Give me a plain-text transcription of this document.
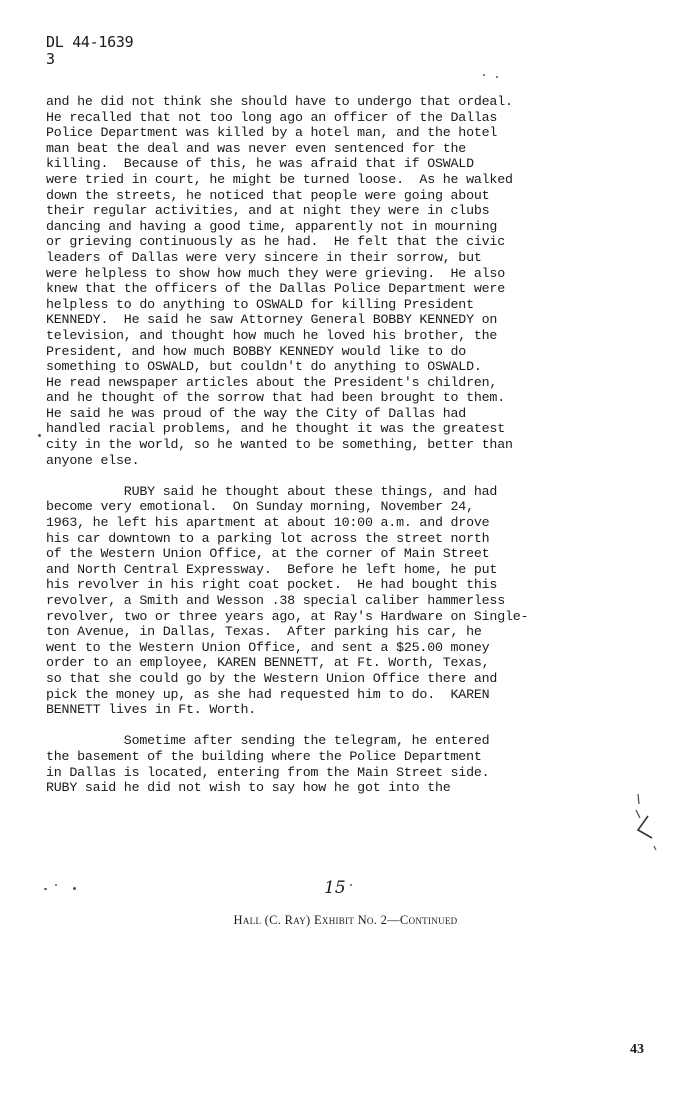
DL 44-1639

3

and he did not think she should have to undergo that ordeal.
He recalled that not too long ago an officer of the Dallas
Police Department was killed by a hotel man, and the hotel
man beat the deal and was never even sentenced for the
killing.  Because of this, he was afraid that if OSWALD
were tried in court, he might be turned loose.  As he walked
down the streets, he noticed that people were going about
their regular activities, and at night they were in clubs
dancing and having a good time, apparently not in mourning
or grieving continuously as he had.  He felt that the civic
leaders of Dallas were very sincere in their sorrow, but
were helpless to show how much they were grieving.  He also
knew that the officers of the Dallas Police Department were
helpless to do anything to OSWALD for killing President
KENNEDY.  He said he saw Attorney General BOBBY KENNEDY on
television, and thought how much he loved his brother, the
President, and how much BOBBY KENNEDY would like to do
something to OSWALD, but couldn't do anything to OSWALD.
He read newspaper articles about the President's children,
and he thought of the sorrow that had been brought to them.
He said he was proud of the way the City of Dallas had
handled racial problems, and he thought it was the greatest
city in the world, so he wanted to be something, better than
anyone else.

RUBY said he thought about these things, and had
become very emotional.  On Sunday morning, November 24,
1963, he left his apartment at about 10:00 a.m. and drove
his car downtown to a parking lot across the street north
of the Western Union Office, at the corner of Main Street
and North Central Expressway.  Before he left home, he put
his revolver in his right coat pocket.  He had bought this
revolver, a Smith and Wesson .38 special caliber hammerless
revolver, two or three years ago, at Ray's Hardware on Single-
ton Avenue, in Dallas, Texas.  After parking his car, he
went to the Western Union Office, and sent a $25.00 money
order to an employee, KAREN BENNETT, at Ft. Worth, Texas,
so that she could go by the Western Union Office there and
pick the money up, as she had requested him to do.  KAREN
BENNETT lives in Ft. Worth.

Sometime after sending the telegram, he entered
the basement of the building where the Police Department
in Dallas is located, entering from the Main Street side.
RUBY said he did not wish to say how he got into the

15

Hall (C. Ray) Exhibit No. 2—Continued

43
